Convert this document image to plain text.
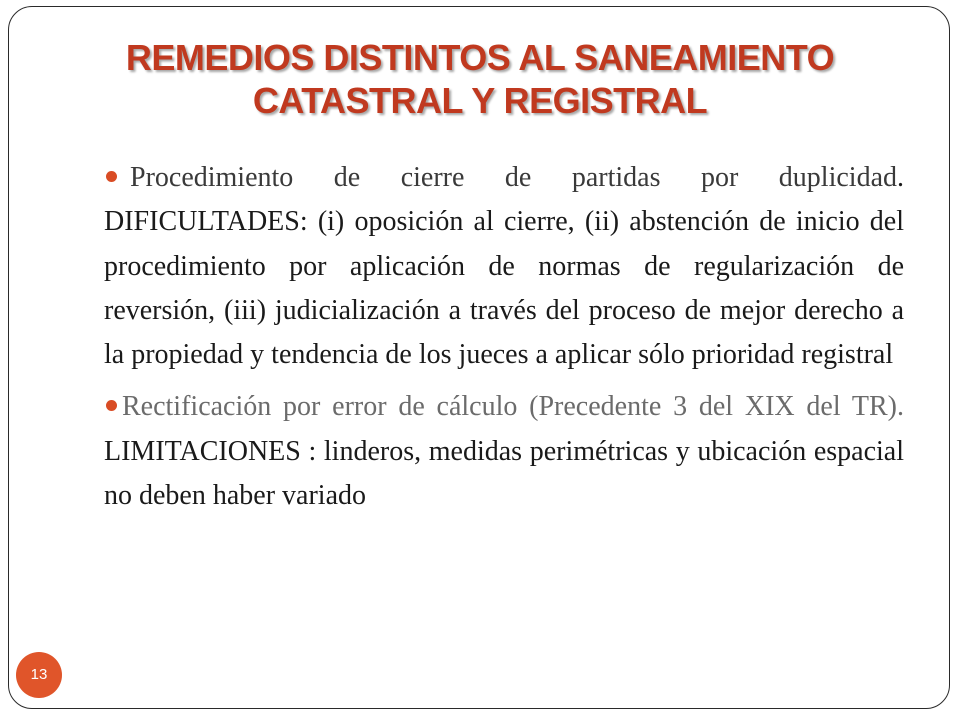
REMEDIOS DISTINTOS AL SANEAMIENTO
CATASTRAL Y REGISTRAL

Procedimiento de cierre de partidas por duplicidad. DIFICULTADES: (i) oposición al cierre, (ii) abstención de inicio del procedimiento por aplicación de normas de regularización de reversión, (iii) judicialización a través del proceso de mejor derecho a la propiedad y tendencia de los jueces a aplicar sólo prioridad registral

Rectificación por error de cálculo (Precedente 3 del XIX del TR). LIMITACIONES : linderos, medidas perimétricas y ubicación espacial no deben haber variado

13
